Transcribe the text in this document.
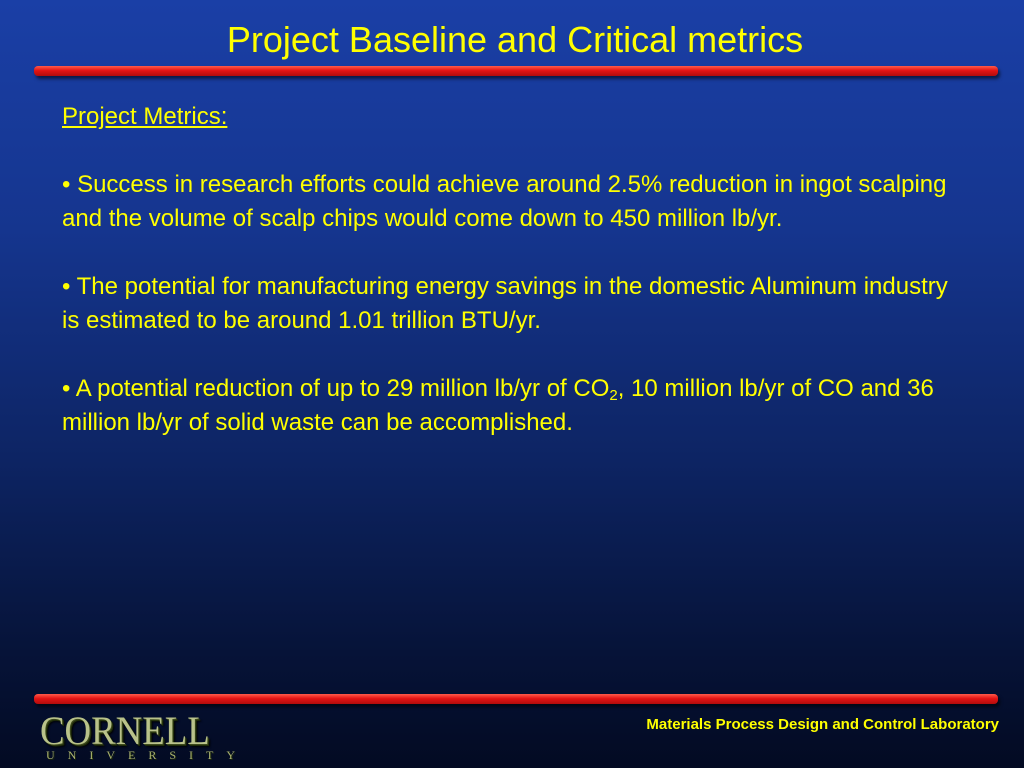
Project Baseline and Critical metrics

Project Metrics:

• Success in research efforts could achieve around 2.5% reduction in ingot scalping and the volume of scalp chips would come down to 450 million lb/yr.

• The potential for manufacturing energy savings in the domestic Aluminum industry is estimated to be around 1.01 trillion BTU/yr.

• A potential reduction of up to 29 million lb/yr of $CO_2$, 10 million lb/yr of CO and 36 million lb/yr of solid waste can be accomplished.

CORNELL
UNIVERSITY
Materials Process Design and Control Laboratory
